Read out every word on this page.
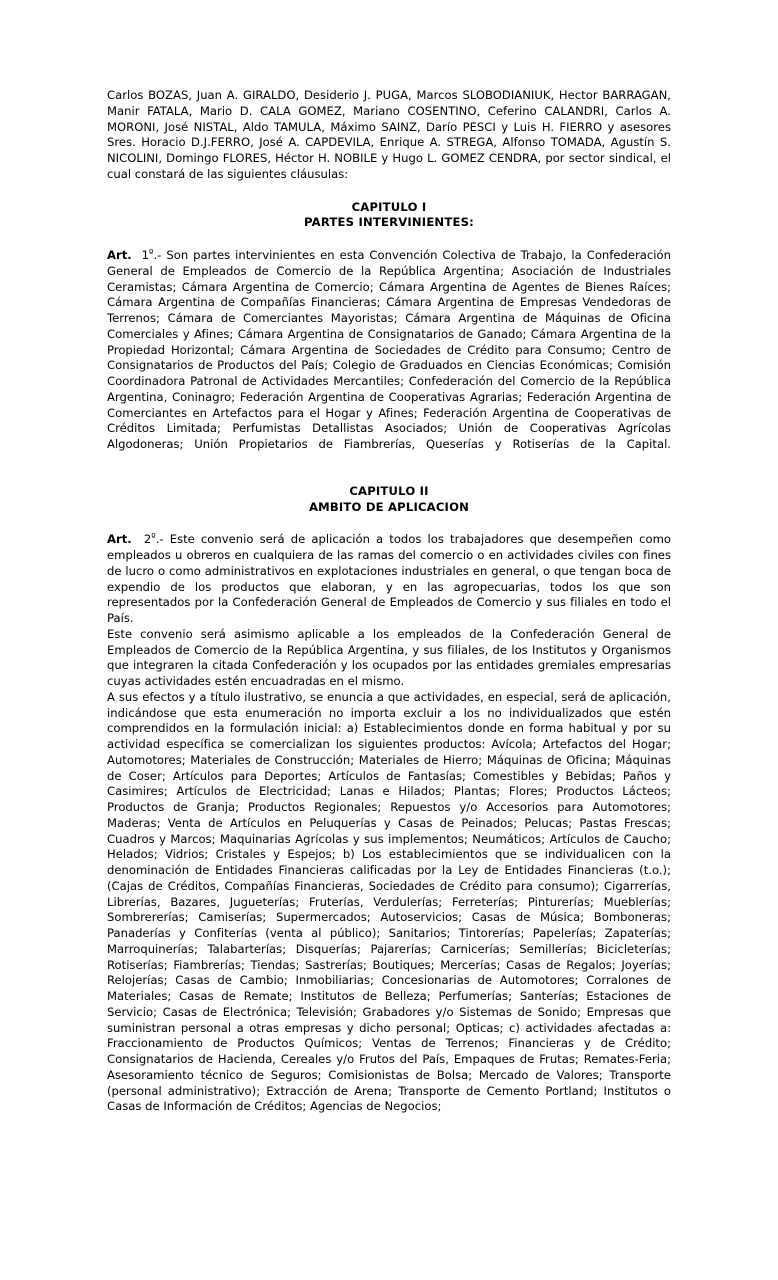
Carlos BOZAS, Juan A. GIRALDO, Desiderio J. PUGA, Marcos SLOBODIANIUK, Hector BARRAGAN, Manir FATALA, Mario D. CALA GOMEZ, Mariano COSENTINO, Ceferino CALANDRI, Carlos A. MORONI, José NISTAL, Aldo TAMULA, Máximo SAINZ, Darío PESCI y Luis H. FIERRO y asesores Sres. Horacio D.J.FERRO, José A. CAPDEVILA, Enrique A. STREGA, Alfonso TOMADA, Agustín S. NICOLINI, Domingo FLORES, Héctor H. NOBILE y Hugo L. GOMEZ CENDRA, por sector sindical, el cual constará de las siguientes cláusulas:

CAPITULO I
PARTES INTERVINIENTES:

Art. $1^º.-$ Son partes intervinientes en esta Convención Colectiva de Trabajo, la Confederación General de Empleados de Comercio de la República Argentina; Asociación de Industriales Ceramistas; Cámara Argentina de Comercio; Cámara Argentina de Agentes de Bienes Raíces; Cámara Argentina de Compañías Financieras; Cámara Argentina de Empresas Vendedoras de Terrenos; Cámara de Comerciantes Mayoristas; Cámara Argentina de Máquinas de Oficina Comerciales y Afines; Cámara Argentina de Consignatarios de Ganado; Cámara Argentina de la Propiedad Horizontal; Cámara Argentina de Sociedades de Crédito para Consumo; Centro de Consignatarios de Productos del País; Colegio de Graduados en Ciencias Económicas; Comisión Coordinadora Patronal de Actividades Mercantiles; Confederación del Comercio de la República Argentina, Coninagro; Federación Argentina de Cooperativas Agrarias; Federación Argentina de Comerciantes en Artefactos para el Hogar y Afines; Federación Argentina de Cooperativas de Créditos Limitada; Perfumistas Detallistas Asociados; Unión de Cooperativas Agrícolas Algodoneras; Unión Propietarios de Fiambrerías, Queserías y Rotiserías de la Capital.

CAPITULO II
AMBITO DE APLICACION

Art. $2^º.-$ Este convenio será de aplicación a todos los trabajadores que desempeñen como empleados u obreros en cualquiera de las ramas del comercio o en actividades civiles con fines de lucro o como administrativos en explotaciones industriales en general, o que tengan boca de expendio de los productos que elaboran, y en las agropecuarias, todos los que son representados por la Confederación General de Empleados de Comercio y sus filiales en todo el País.

Este convenio será asimismo aplicable a los empleados de la Confederación General de Empleados de Comercio de la República Argentina, y sus filiales, de los Institutos y Organismos que integraren la citada Confederación y los ocupados por las entidades gremiales empresarias cuyas actividades estén encuadradas en el mismo.

A sus efectos y a título ilustrativo, se enuncia a que actividades, en especial, será de aplicación, indicándose que esta enumeración no importa excluir a los no individualizados que estén comprendidos en la formulación inicial: a) Establecimientos donde en forma habitual y por su actividad específica se comercializan los siguientes productos: Avícola; Artefactos del Hogar; Automotores; Materiales de Construcción; Materiales de Hierro; Máquinas de Oficina; Máquinas de Coser; Artículos para Deportes; Artículos de Fantasías; Comestibles y Bebidas; Paños y Casimires; Artículos de Electricidad; Lanas e Hilados; Plantas; Flores; Productos Lácteos; Productos de Granja; Productos Regionales; Repuestos y/o Accesorios para Automotores; Maderas; Venta de Artículos en Peluquerías y Casas de Peinados; Pelucas; Pastas Frescas; Cuadros y Marcos; Maquinarias Agrícolas y sus implementos; Neumáticos; Artículos de Caucho; Helados; Vidrios; Cristales y Espejos; b) Los establecimientos que se individualicen con la denominación de Entidades Financieras calificadas por la Ley de Entidades Financieras (t.o.); (Cajas de Créditos, Compañías Financieras, Sociedades de Crédito para consumo); Cigarrerías, Librerías, Bazares, Jugueterías; Fruterías, Verdulerías; Ferreterías; Pinturerías; Mueblerías; Sombrererías; Camiserías; Supermercados; Autoservicios; Casas de Música; Bomboneras; Panaderías y Confiterías (venta al público); Sanitarios; Tintorerías; Papelerías; Zapaterías; Marroquinerías; Talabarterías; Disquerías; Pajarerías; Carnicerías; Semillerías; Bicicleterías; Rotiserías; Fiambrerías; Tiendas; Sastrerías; Boutiques; Mercerías; Casas de Regalos; Joyerías; Relojerías; Casas de Cambio; Inmobiliarias; Concesionarias de Automotores; Corralones de Materiales; Casas de Remate; Institutos de Belleza; Perfumerías; Santerías; Estaciones de Servicio; Casas de Electrónica; Televisión; Grabadores y/o Sistemas de Sonido; Empresas que suministran personal a otras empresas y dicho personal; Opticas; c) actividades afectadas a: Fraccionamiento de Productos Químicos; Ventas de Terrenos; Financieras y de Crédito; Consignatarios de Hacienda, Cereales y/o Frutos del País, Empaques de Frutas; Remates-Feria; Asesoramiento técnico de Seguros; Comisionistas de Bolsa; Mercado de Valores; Transporte (personal administrativo); Extracción de Arena; Transporte de Cemento Portland; Institutos o Casas de Información de Créditos; Agencias de Negocios;
